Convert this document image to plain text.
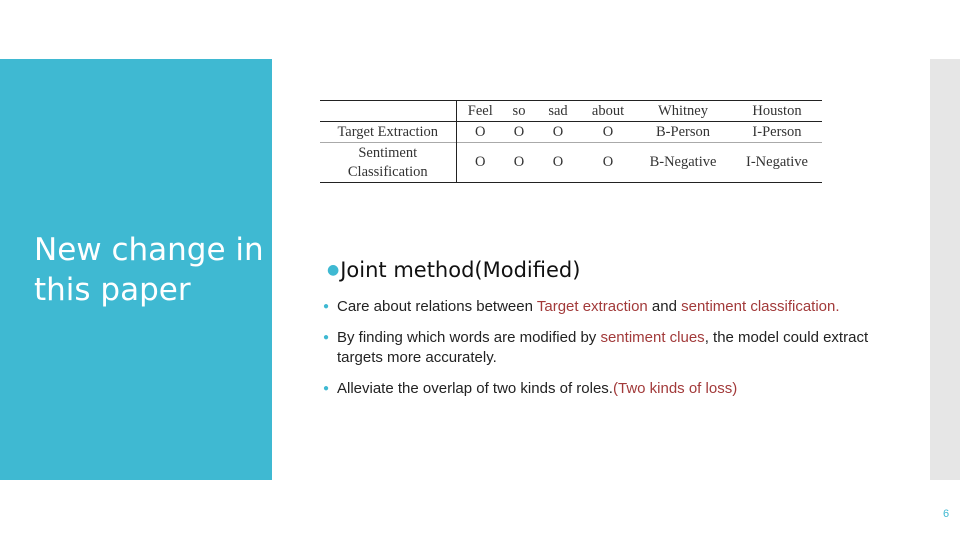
New change in this paper
	Feel	so	sad	about	Whitney	Houston
Target Extraction	O	O	O	O	B-Person	I-Person
Sentiment
Classification	O	O	O	O	B-Negative	I-Negative
●Joint method(Modified)
● Care about relations between Target extraction and sentiment classification.
● By finding which words are modified by sentiment clues, the model could extract targets more accurately.
● Alleviate the overlap of two kinds of roles.(Two kinds of loss)
6
